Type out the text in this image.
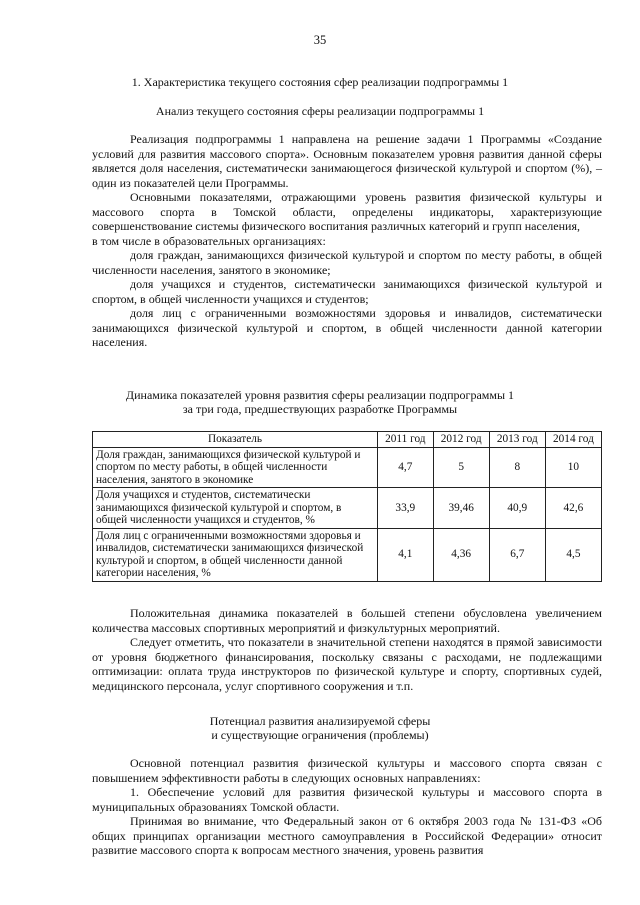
35
1. Характеристика текущего состояния сфер реализации подпрограммы 1
Анализ текущего состояния сферы реализации подпрограммы 1

Реализация подпрограммы 1 направлена на решение задачи 1 Программы «Создание условий для развития массового спорта». Основным показателем уровня развития данной сферы является доля населения, систематически занимающегося физической культурой и спортом (%), – один из показателей цели Программы.

Основными показателями, отражающими уровень развития физической культуры и массового спорта в Томской области, определены индикаторы, характеризующие совершенствование системы физического воспитания различных категорий и групп населения,

в том числе в образовательных организациях:

доля граждан, занимающихся физической культурой и спортом по месту работы, в общей численности населения, занятого в экономике;

доля учащихся и студентов, систематически занимающихся физической культурой и спортом, в общей численности учащихся и студентов;

доля лиц с ограниченными возможностями здоровья и инвалидов, систематически занимающихся физической культурой и спортом, в общей численности данной категории населения.

Динамика показателей уровня развития сферы реализации подпрограммы 1
за три года, предшествующих разработке Программы
Показатель	2011 год	2012 год	2013 год	2014 год
Доля граждан, занимающихся физической культурой и спортом по месту работы, в общей численности населения, занятого в экономике	4,7	5	8	10
Доля учащихся и студентов, систематически занимающихся физической культурой и спортом, в общей численности учащихся и студентов, %	33,9	39,46	40,9	42,6
Доля лиц с ограниченными возможностями здоровья и инвалидов, систематически занимающихся физической культурой и спортом, в общей численности данной категории населения, %	4,1	4,36	6,7	4,5

Положительная динамика показателей в большей степени обусловлена увеличением количества массовых спортивных мероприятий и физкультурных мероприятий.

Следует отметить, что показатели в значительной степени находятся в прямой зависимости от уровня бюджетного финансирования, поскольку связаны с расходами, не подлежащими оптимизации: оплата труда инструкторов по физической культуре и спорту, спортивных судей, медицинского персонала, услуг спортивного сооружения и т.п.

Потенциал развития анализируемой сферы
и существующие ограничения (проблемы)

Основной потенциал развития физической культуры и массового спорта связан с повышением эффективности работы в следующих основных направлениях:

1. Обеспечение условий для развития физической культуры и массового спорта в муниципальных образованиях Томской области.

Принимая во внимание, что Федеральный закон от 6 октября 2003 года № 131-ФЗ «Об общих принципах организации местного самоуправления в Российской Федерации» относит развитие массового спорта к вопросам местного значения, уровень развития
